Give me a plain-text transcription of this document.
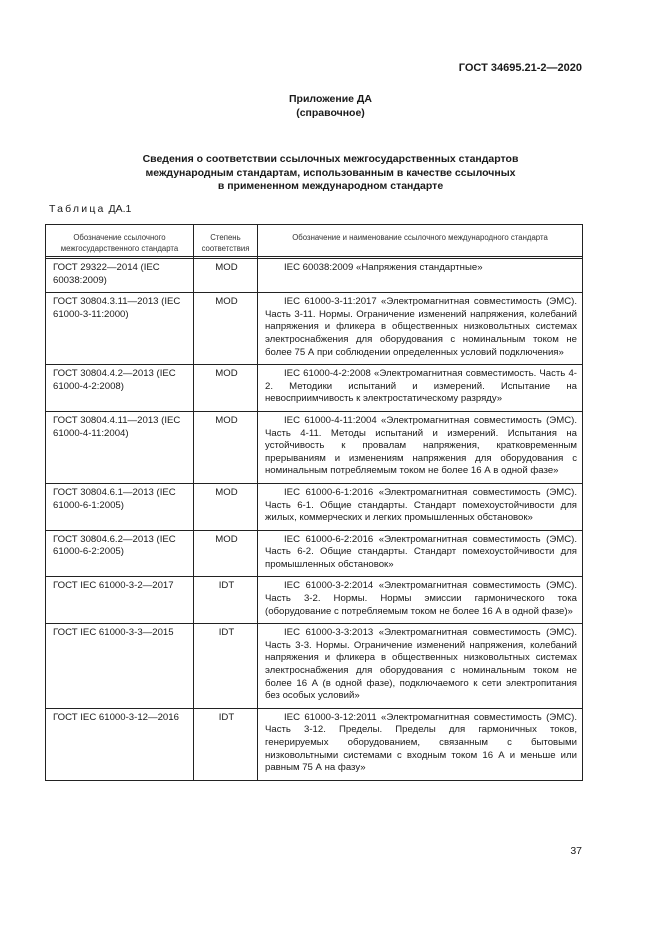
ГОСТ 34695.21-2—2020
Приложение ДА
(справочное)
Сведения о соответствии ссылочных межгосударственных стандартов
международным стандартам, использованным в качестве ссылочных
в примененном международном стандарте
Таблица ДА.1
Обозначение ссылочного межгосударственного стандарта	Степень соответствия	Обозначение и наименование ссылочного международного стандарта

ГОСТ 29322—2014 (IEC 60038:2009)	MOD	IEC 60038:2009 «Напряжения стандартные»

ГОСТ 30804.3.11—2013 (IEC 61000-3-11:2000)	MOD	IEC 61000-3-11:2017 «Электромагнитная совместимость (ЭМС). Часть 3-11. Нормы. Ограничение изменений напряжения, колебаний напряжения и фликера в общественных низковольтных системах электроснабжения для оборудования с номинальным током не более 75 А при соблюдении определенных условий подключения»

ГОСТ 30804.4.2—2013 (IEC 61000-4-2:2008)	MOD	IEC 61000-4-2:2008 «Электромагнитная совместимость. Часть 4-2. Методики испытаний и измерений. Испытание на невосприимчивость к электростатическому разряду»

ГОСТ 30804.4.11—2013 (IEC 61000-4-11:2004)	MOD	IEC 61000-4-11:2004 «Электромагнитная совместимость (ЭМС). Часть 4-11. Методы испытаний и измерений. Испытания на устойчивость к провалам напряжения, кратковременным прерываниям и изменениям напряжения для оборудования с номинальным потребляемым током не более 16 А в одной фазе»

ГОСТ 30804.6.1—2013 (IEC 61000-6-1:2005)	MOD	IEC 61000-6-1:2016 «Электромагнитная совместимость (ЭМС). Часть 6-1. Общие стандарты. Стандарт помехоустойчивости для жилых, коммерческих и легких промышленных обстановок»

ГОСТ 30804.6.2—2013 (IEC 61000-6-2:2005)	MOD	IEC 61000-6-2:2016 «Электромагнитная совместимость (ЭМС). Часть 6-2. Общие стандарты. Стандарт помехоустойчивости для промышленных обстановок»

ГОСТ IEC 61000-3-2—2017	IDT	IEC 61000-3-2:2014 «Электромагнитная совместимость (ЭМС). Часть 3-2. Нормы. Нормы эмиссии гармонического тока (оборудование с потребляемым током не более 16 А в одной фазе)»

ГОСТ IEC 61000-3-3—2015	IDT	IEC 61000-3-3:2013 «Электромагнитная совместимость (ЭМС). Часть 3-3. Нормы. Ограничение изменений напряжения, колебаний напряжения и фликера в общественных низковольтных системах электроснабжения для оборудования с номинальным током не более 16 А (в одной фазе), подключаемого к сети электропитания без особых условий»

ГОСТ IEC 61000-3-12—2016	IDT	IEC 61000-3-12:2011 «Электромагнитная совместимость (ЭМС). Часть 3-12. Пределы. Пределы для гармоничных токов, генерируемых оборудованием, связанным с бытовыми низковольтными системами с входным током 16 А и меньше или равным 75 А на фазу»
37
